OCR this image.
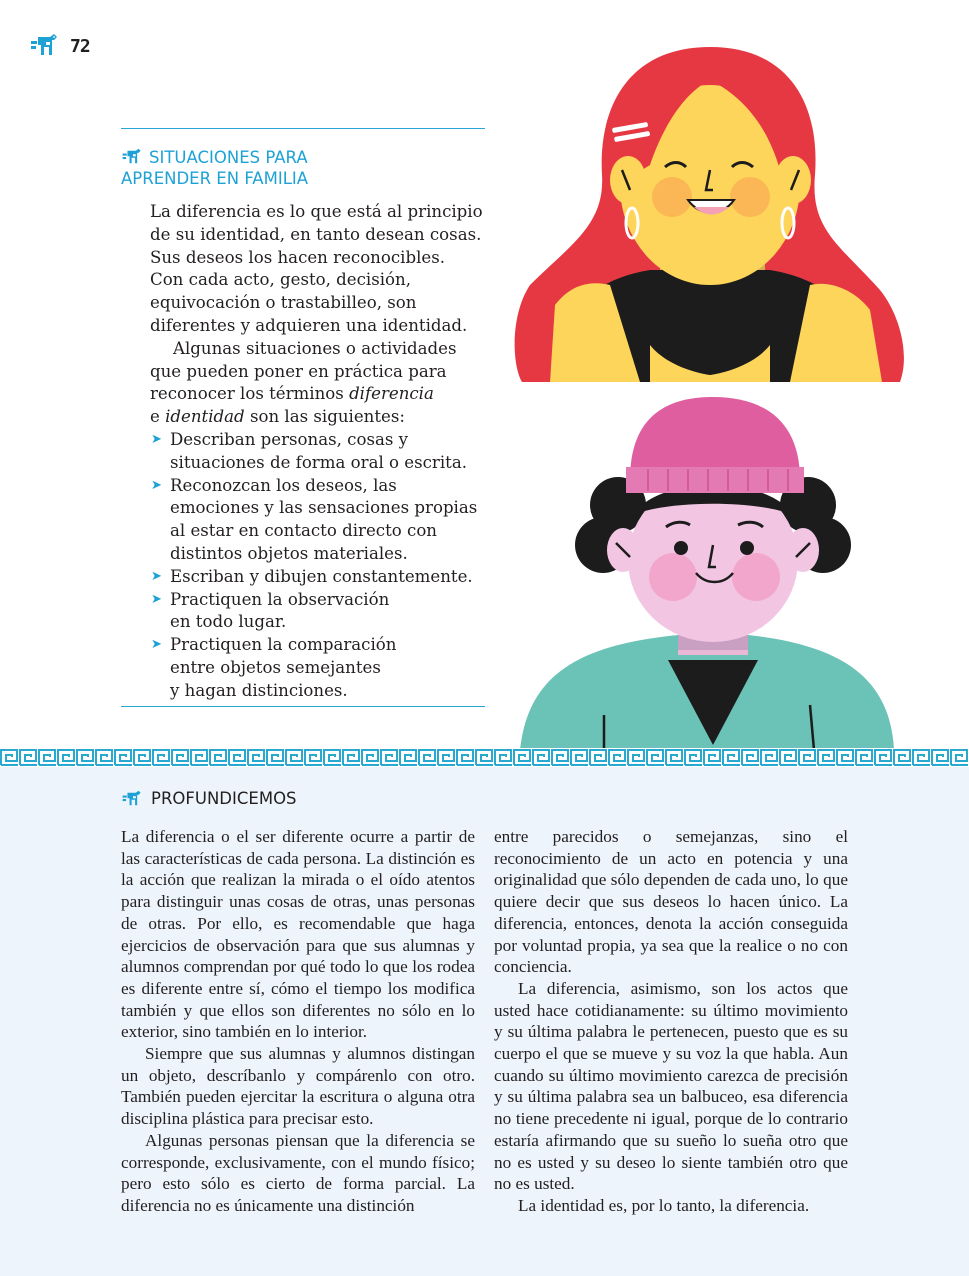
72
SITUACIONES PARA
APRENDER EN FAMILIA

La diferencia es lo que está al principio
de su identidad, en tanto desean cosas.
Sus deseos los hacen reconocibles.
Con cada acto, gesto, decisión,
equivocación o trastabilleo, son
diferentes y adquieren una identidad.

Algunas situaciones o actividades
que pueden poner en práctica para
reconocer los términos diferencia
e identidad son las siguientes:

➤ Describan personas, cosas y
situaciones de forma oral o escrita.
➤ Reconozcan los deseos, las
emociones y las sensaciones propias
al estar en contacto directo con
distintos objetos materiales.
➤ Escriban y dibujen constantemente.
➤ Practiquen la observación
en todo lugar.
➤ Practiquen la comparación
entre objetos semejantes
y hagan distinciones.
PROFUNDICEMOS

La diferencia o el ser diferente ocurre a partir de las características de cada persona. La distinción es la acción que realizan la mirada o el oído atentos para distinguir unas cosas de otras, unas personas de otras. Por ello, es recomendable que haga ejercicios de observación para que sus alumnas y alumnos comprendan por qué todo lo que los rodea es diferente entre sí, cómo el tiempo los modifica también y que ellos son diferentes no sólo en lo exterior, sino también en lo interior.

Siempre que sus alumnas y alumnos distingan un objeto, descríbanlo y compárenlo con otro. También pueden ejercitar la escritura o alguna otra disciplina plástica para precisar esto.

Algunas personas piensan que la diferencia se corresponde, exclusivamente, con el mundo físico; pero esto sólo es cierto de forma parcial. La diferencia no es únicamente una distinción

entre parecidos o semejanzas, sino el reconocimiento de un acto en potencia y una originalidad que sólo dependen de cada uno, lo que quiere decir que sus deseos lo hacen único. La diferencia, entonces, denota la acción conseguida por voluntad propia, ya sea que la realice o no con conciencia.

La diferencia, asimismo, son los actos que usted hace cotidianamente: su último movimiento y su última palabra le pertenecen, puesto que es su cuerpo el que se mueve y su voz la que habla. Aun cuando su último movimiento carezca de precisión y su última palabra sea un balbuceo, esa diferencia no tiene precedente ni igual, porque de lo contrario estaría afirmando que su sueño lo sueña otro que no es usted y su deseo lo siente también otro que no es usted.

La identidad es, por lo tanto, la diferencia.
